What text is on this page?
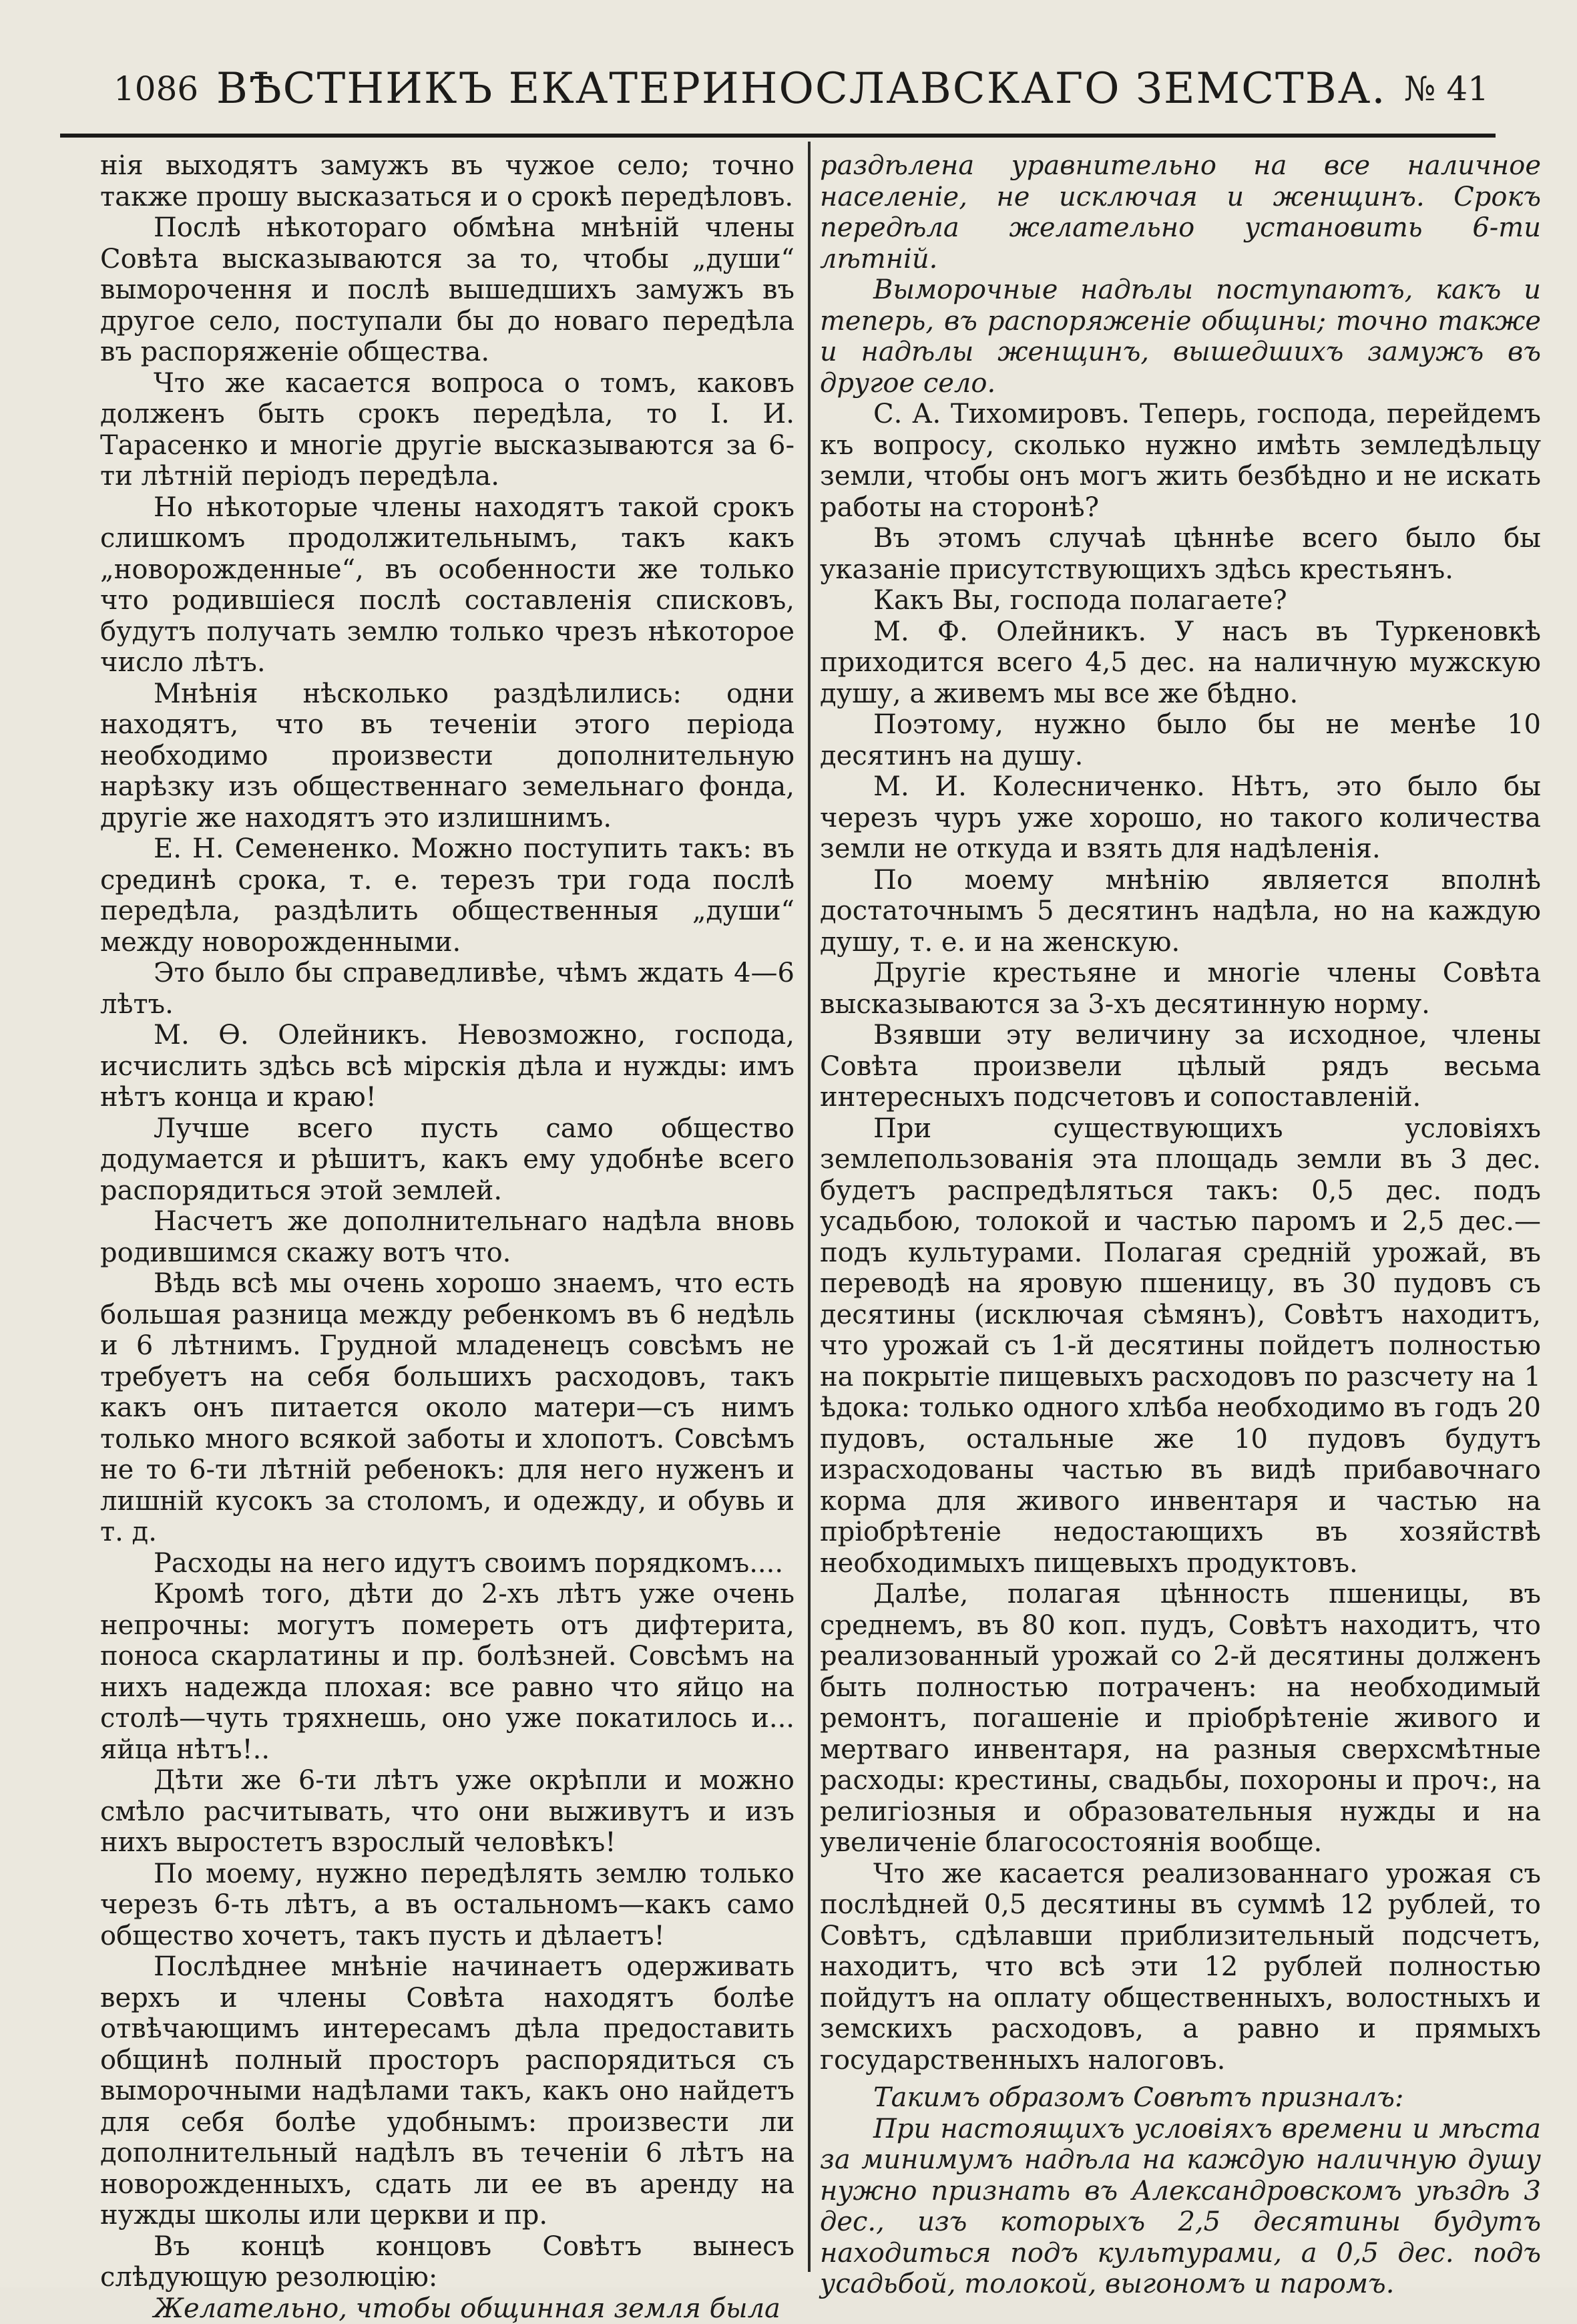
1086 ВѢСТНИКЪ ЕКАТЕРИНОСЛАВСКАГО ЗЕМСТВА. № 41

нія выходятъ замужъ въ чужое село; точно также прошу высказаться и о срокѣ передѣловъ.

Послѣ нѣкотораго обмѣна мнѣній члены Совѣта высказываются за то, чтобы „души“ выморочення и послѣ вышедшихъ замужъ въ другое село, поступали бы до новаго передѣла въ распоряженіе общества.

Что же касается вопроса о томъ, каковъ долженъ быть срокъ передѣла, то І. И. Тарасенко и многіе другіе высказываются за 6-ти лѣтній періодъ передѣла.

Но нѣкоторые члены находятъ такой срокъ слишкомъ продолжительнымъ, такъ какъ „новорожденные“, въ особенности же только что родившіеся послѣ составленія списковъ, будутъ получать землю только чрезъ нѣкоторое число лѣтъ.

Мнѣнія нѣсколько раздѣлились: одни находятъ, что въ теченіи этого періода необходимо произвести дополнительную нарѣзку изъ общественнаго земельнаго фонда, другіе же находятъ это излишнимъ.

Е. Н. Семененко. Можно поступить такъ: въ срединѣ срока, т. е. терезъ три года послѣ передѣла, раздѣлить общественныя „души“ между новорожденными.

Это было бы справедливѣе, чѣмъ ждать 4—6 лѣтъ.

М. Ѳ. Олейникъ. Невозможно, господа, исчислить здѣсь всѣ мірскія дѣла и нужды: имъ нѣтъ конца и краю!

Лучше всего пусть само общество додумается и рѣшитъ, какъ ему удобнѣе всего распорядиться этой землей.

Насчетъ же дополнительнаго надѣла вновь родившимся скажу вотъ что.

Вѣдь всѣ мы очень хорошо знаемъ, что есть большая разница между ребенкомъ въ 6 недѣль и 6 лѣтнимъ. Грудной младенецъ совсѣмъ не требуетъ на себя большихъ расходовъ, такъ какъ онъ питается около матери—съ нимъ только много всякой заботы и хлопотъ. Совсѣмъ не то 6-ти лѣтній ребенокъ: для него нуженъ и лишній кусокъ за столомъ, и одежду, и обувь и т. д.

Расходы на него идутъ своимъ порядкомъ....

Кромѣ того, дѣти до 2-хъ лѣтъ уже очень непрочны: могутъ помереть отъ дифтерита, поноса скарлатины и пр. болѣзней. Совсѣмъ на нихъ надежда плохая: все равно что яйцо на столѣ—чуть тряхнешь, оно уже покатилось и... яйца нѣтъ!..

Дѣти же 6-ти лѣтъ уже окрѣпли и можно смѣло расчитывать, что они выживутъ и изъ нихъ выростетъ взрослый человѣкъ!

По моему, нужно передѣлять землю только черезъ 6-ть лѣтъ, а въ остальномъ—какъ само общество хочетъ, такъ пусть и дѣлаетъ!

Послѣднее мнѣніе начинаетъ одерживать верхъ и члены Совѣта находятъ болѣе отвѣчающимъ интересамъ дѣла предоставить общинѣ полный просторъ распорядиться съ выморочными надѣлами такъ, какъ оно найдетъ для себя болѣе удобнымъ: произвести ли дополнительный надѣлъ въ теченіи 6 лѣтъ на новорожденныхъ, сдать ли ее въ аренду на нужды школы или церкви и пр.

Въ концѣ концовъ Совѣтъ вынесъ слѣдующую резолюцію:

Желательно, чтобы общинная земля была

раздѣлена уравнительно на все наличное населеніе, не исключая и женщинъ. Срокъ передѣла желательно установить 6-ти лѣтній.

Выморочные надѣлы поступаютъ, какъ и теперь, въ распоряженіе общины; точно также и надѣлы женщинъ, вышедшихъ замужъ въ другое село.

С. А. Тихомировъ. Теперь, господа, перейдемъ къ вопросу, сколько нужно имѣть земледѣльцу земли, чтобы онъ могъ жить безбѣдно и не искать работы на сторонѣ?

Въ этомъ случаѣ цѣннѣе всего было бы указаніе присутствующихъ здѣсь крестьянъ.

Какъ Вы, господа полагаете?

М. Ф. Олейникъ. У насъ въ Туркеновкѣ приходится всего 4,5 дес. на наличную мужскую душу, а живемъ мы все же бѣдно.

Поэтому, нужно было бы не менѣе 10 десятинъ на душу.

М. И. Колесниченко. Нѣтъ, это было бы черезъ чуръ уже хорошо, но такого количества земли не откуда и взять для надѣленія.

По моему мнѣнію является вполнѣ достаточнымъ 5 десятинъ надѣла, но на каждую душу, т. е. и на женскую.

Другіе крестьяне и многіе члены Совѣта высказываются за 3-хъ десятинную норму.

Взявши эту величину за исходное, члены Совѣта произвели цѣлый рядъ весьма интересныхъ подсчетовъ и сопоставленій.

При существующихъ условіяхъ землепользованія эта площадь земли въ 3 дес. будетъ распредѣляться такъ: 0,5 дес. подъ усадьбою, толокой и частью паромъ и 2,5 дес.—подъ культурами. Полагая средній урожай, въ переводѣ на яровую пшеницу, въ 30 пудовъ съ десятины (исключая сѣмянъ), Совѣтъ находитъ, что урожай съ 1-й десятины пойдетъ полностью на покрытіе пищевыхъ расходовъ по разсчету на 1 ѣдока: только одного хлѣба необходимо въ годъ 20 пудовъ, остальные же 10 пудовъ будутъ израсходованы частью въ видѣ прибавочнаго корма для живого инвентаря и частью на пріобрѣтеніе недостающихъ въ хозяйствѣ необходимыхъ пищевыхъ продуктовъ.

Далѣе, полагая цѣнность пшеницы, въ среднемъ, въ 80 коп. пудъ, Совѣтъ находитъ, что реализованный урожай со 2-й десятины долженъ быть полностью потраченъ: на необходимый ремонтъ, погашеніе и пріобрѣтеніе живого и мертваго инвентаря, на разныя сверхсмѣтные расходы: крестины, свадьбы, похороны и проч:, на религіозныя и образовательныя нужды и на увеличеніе благосостоянія вообще.

Что же касается реализованнаго урожая съ послѣдней 0,5 десятины въ суммѣ 12 рублей, то Совѣтъ, сдѣлавши приблизительный подсчетъ, находитъ, что всѣ эти 12 рублей полностью пойдутъ на оплату общественныхъ, волостныхъ и земскихъ расходовъ, а равно и прямыхъ государственныхъ налоговъ.

Такимъ образомъ Совѣтъ призналъ:

При настоящихъ условіяхъ времени и мѣста за минимумъ надѣла на каждую наличную душу нужно признать въ Александровскомъ уѣздѣ 3 дес., изъ которыхъ 2,5 десятины будутъ находиться подъ культурами, а 0,5 дес. подъ усадьбой, толокой, выгономъ и паромъ.
